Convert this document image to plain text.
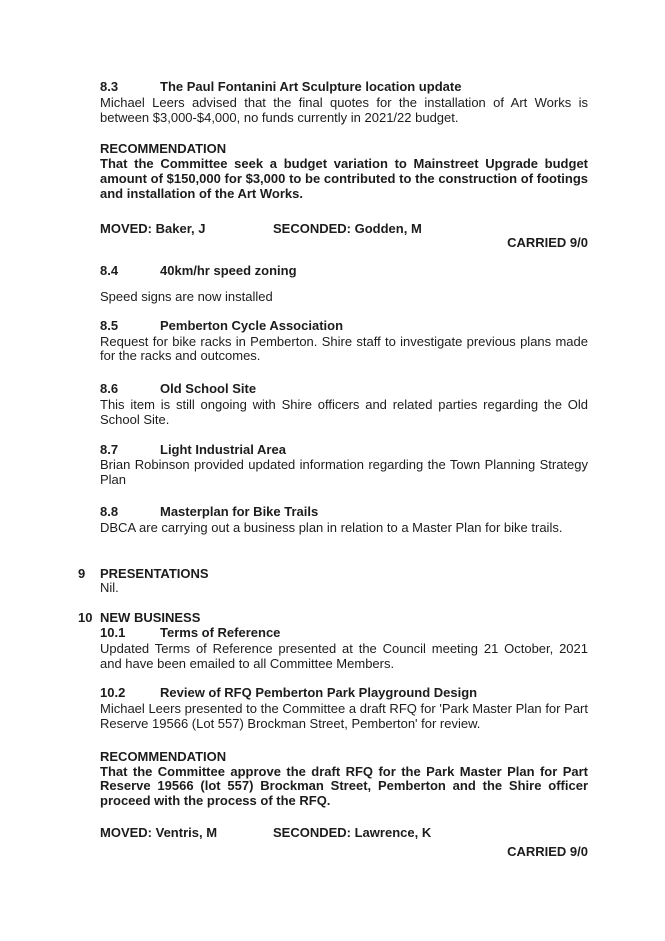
8.3	The Paul Fontanini Art Sculpture location update

Michael Leers advised that the final quotes for the installation of Art Works is between $3,000-$4,000, no funds currently in 2021/22 budget.

RECOMMENDATION

That the Committee seek a budget variation to Mainstreet Upgrade budget amount of $150,000 for $3,000 to be contributed to the construction of footings and installation of the Art Works.

MOVED: Baker, J	SECONDED: Godden, M

CARRIED 9/0

8.4	40km/hr speed zoning

Speed signs are now installed

8.5	Pemberton Cycle Association

Request for bike racks in Pemberton. Shire staff to investigate previous plans made for the racks and outcomes.

8.6	Old School Site

This item is still ongoing with Shire officers and related parties regarding the Old School Site.

8.7	Light Industrial Area

Brian Robinson provided updated information regarding the Town Planning Strategy Plan

8.8	Masterplan for Bike Trails

DBCA are carrying out a business plan in relation to a Master Plan for bike trails.

9	PRESENTATIONS

Nil.

10 NEW BUSINESS
10.1	Terms of Reference

Updated Terms of Reference presented at the Council meeting 21 October, 2021 and have been emailed to all Committee Members.

10.2	Review of RFQ Pemberton Park Playground Design

Michael Leers presented to the Committee a draft RFQ for 'Park Master Plan for Part Reserve 19566 (Lot 557) Brockman Street, Pemberton' for review.

RECOMMENDATION

That the Committee approve the draft RFQ for the Park Master Plan for Part Reserve 19566 (lot 557) Brockman Street, Pemberton and the Shire officer proceed with the process of the RFQ.

MOVED: Ventris, M	SECONDED: Lawrence, K

CARRIED 9/0
